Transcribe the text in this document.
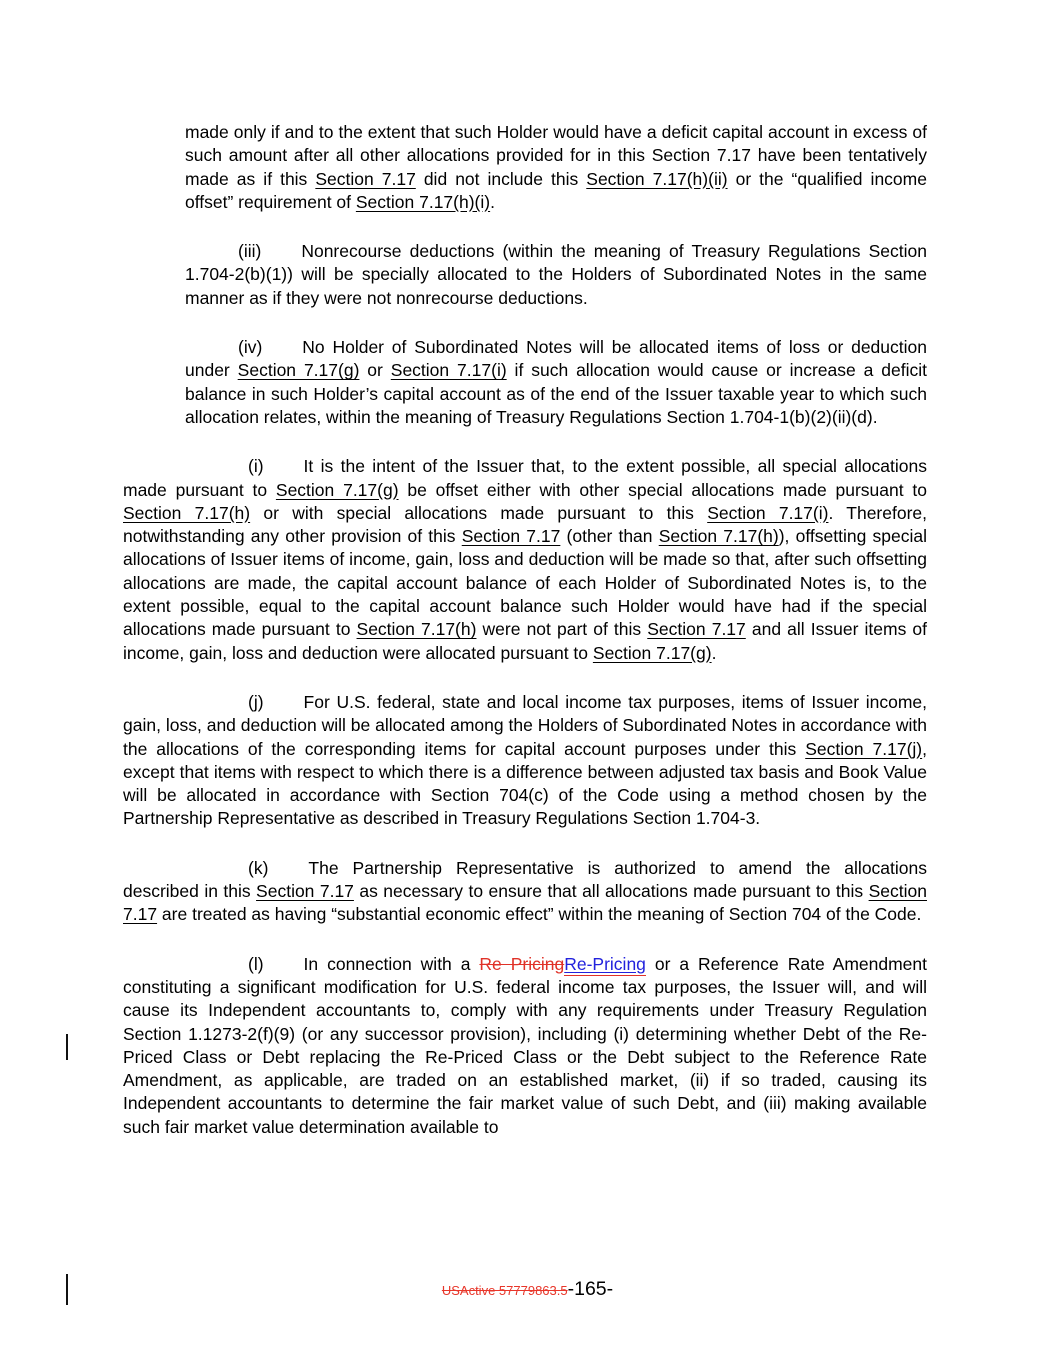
made only if and to the extent that such Holder would have a deficit capital account in excess of such amount after all other allocations provided for in this Section 7.17 have been tentatively made as if this Section 7.17 did not include this Section 7.17(h)(ii) or the “qualified income offset” requirement of Section 7.17(h)(i).

(iii) Nonrecourse deductions (within the meaning of Treasury Regulations Section 1.704-2(b)(1)) will be specially allocated to the Holders of Subordinated Notes in the same manner as if they were not nonrecourse deductions.

(iv) No Holder of Subordinated Notes will be allocated items of loss or deduction under Section 7.17(g) or Section 7.17(i) if such allocation would cause or increase a deficit balance in such Holder’s capital account as of the end of the Issuer taxable year to which such allocation relates, within the meaning of Treasury Regulations Section 1.704-1(b)(2)(ii)(d).

(i) It is the intent of the Issuer that, to the extent possible, all special allocations made pursuant to Section 7.17(g) be offset either with other special allocations made pursuant to Section 7.17(h) or with special allocations made pursuant to this Section 7.17(i). Therefore, notwithstanding any other provision of this Section 7.17 (other than Section 7.17(h)), offsetting special allocations of Issuer items of income, gain, loss and deduction will be made so that, after such offsetting allocations are made, the capital account balance of each Holder of Subordinated Notes is, to the extent possible, equal to the capital account balance such Holder would have had if the special allocations made pursuant to Section 7.17(h) were not part of this Section 7.17 and all Issuer items of income, gain, loss and deduction were allocated pursuant to Section 7.17(g).

(j) For U.S. federal, state and local income tax purposes, items of Issuer income, gain, loss, and deduction will be allocated among the Holders of Subordinated Notes in accordance with the allocations of the corresponding items for capital account purposes under this Section 7.17(j), except that items with respect to which there is a difference between adjusted tax basis and Book Value will be allocated in accordance with Section 704(c) of the Code using a method chosen by the Partnership Representative as described in Treasury Regulations Section 1.704-3.

(k) The Partnership Representative is authorized to amend the allocations described in this Section 7.17 as necessary to ensure that all allocations made pursuant to this Section 7.17 are treated as having “substantial economic effect” within the meaning of Section 704 of the Code.

(l) In connection with a Re PricingRe-Pricing or a Reference Rate Amendment constituting a significant modification for U.S. federal income tax purposes, the Issuer will, and will cause its Independent accountants to, comply with any requirements under Treasury Regulation Section 1.1273-2(f)(9) (or any successor provision), including (i) determining whether Debt of the Re-Priced Class or Debt replacing the Re-Priced Class or the Debt subject to the Reference Rate Amendment, as applicable, are traded on an established market, (ii) if so traded, causing its Independent accountants to determine the fair market value of such Debt, and (iii) making available such fair market value determination available to

USActive 57779863.5-165-
